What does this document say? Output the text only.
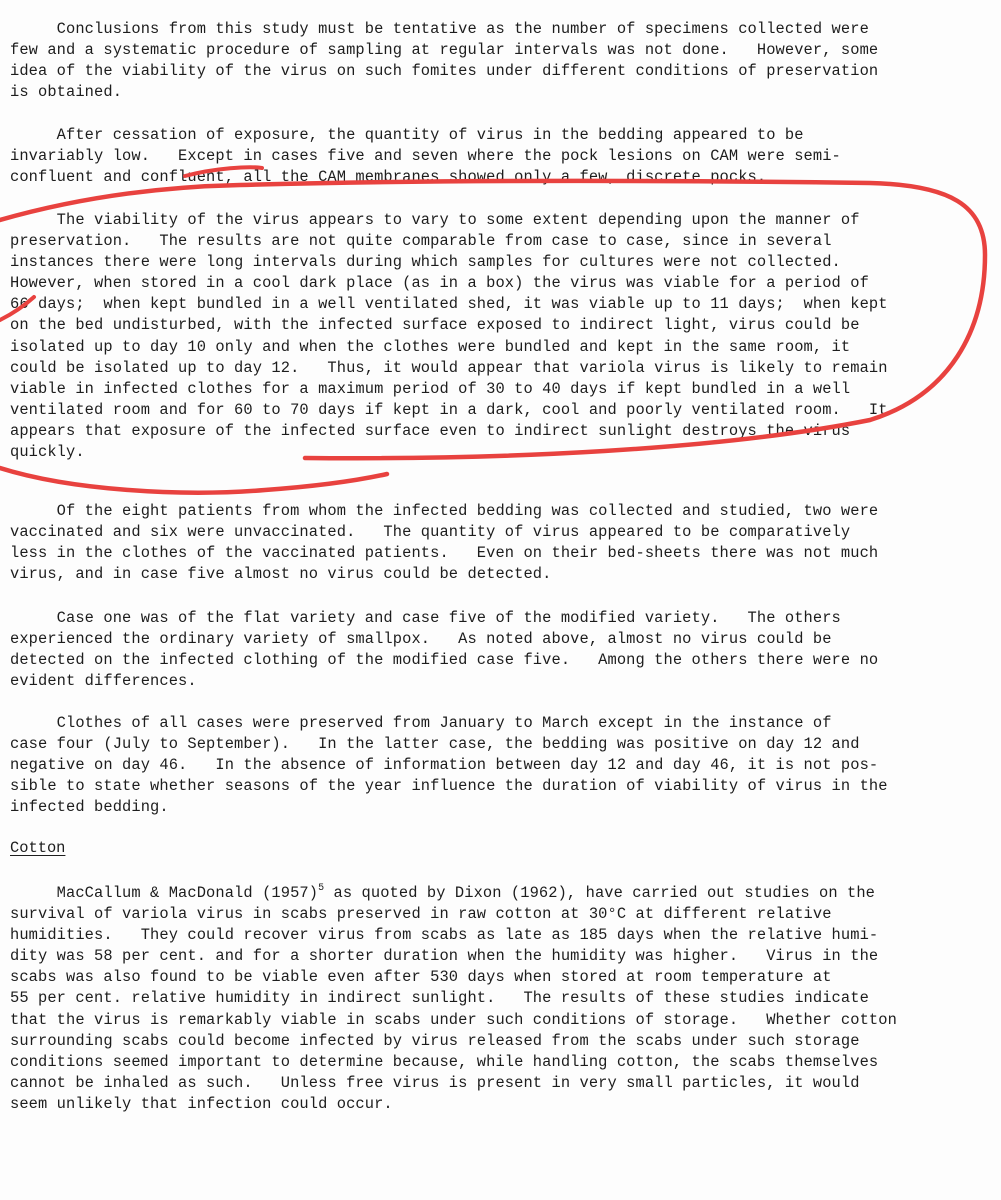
Conclusions from this study must be tentative as the number of specimens collected were
few and a systematic procedure of sampling at regular intervals was not done.   However, some
idea of the viability of the virus on such fomites under different conditions of preservation
is obtained.
After cessation of exposure, the quantity of virus in the bedding appeared to be
invariably low.   Except in cases five and seven where the pock lesions on CAM were semi-
confluent and confluent, all the CAM membranes showed only a few, discrete pocks.
The viability of the virus appears to vary to some extent depending upon the manner of
preservation.   The results are not quite comparable from case to case, since in several
instances there were long intervals during which samples for cultures were not collected.
However, when stored in a cool dark place (as in a box) the virus was viable for a period of
66 days;  when kept bundled in a well ventilated shed, it was viable up to 11 days;  when kept
on the bed undisturbed, with the infected surface exposed to indirect light, virus could be
isolated up to day 10 only and when the clothes were bundled and kept in the same room, it
could be isolated up to day 12.   Thus, it would appear that variola virus is likely to remain
viable in infected clothes for a maximum period of 30 to 40 days if kept bundled in a well
ventilated room and for 60 to 70 days if kept in a dark, cool and poorly ventilated room.   It
appears that exposure of the infected surface even to indirect sunlight destroys the virus
quickly.
Of the eight patients from whom the infected bedding was collected and studied, two were
vaccinated and six were unvaccinated.   The quantity of virus appeared to be comparatively
less in the clothes of the vaccinated patients.   Even on their bed-sheets there was not much
virus, and in case five almost no virus could be detected.
Case one was of the flat variety and case five of the modified variety.   The others
experienced the ordinary variety of smallpox.   As noted above, almost no virus could be
detected on the infected clothing of the modified case five.   Among the others there were no
evident differences.
Clothes of all cases were preserved from January to March except in the instance of
case four (July to September).   In the latter case, the bedding was positive on day 12 and
negative on day 46.   In the absence of information between day 12 and day 46, it is not pos-
sible to state whether seasons of the year influence the duration of viability of virus in the
infected bedding.
Cotton
MacCallum & MacDonald $(1957)^5$ as quoted by Dixon (1962), have carried out studies on the
survival of variola virus in scabs preserved in raw cotton at 30°C at different relative
humidities.   They could recover virus from scabs as late as 185 days when the relative humi-
dity was 58 per cent. and for a shorter duration when the humidity was higher.   Virus in the
scabs was also found to be viable even after 530 days when stored at room temperature at
55 per cent. relative humidity in indirect sunlight.   The results of these studies indicate
that the virus is remarkably viable in scabs under such conditions of storage.   Whether cotton
surrounding scabs could become infected by virus released from the scabs under such storage
conditions seemed important to determine because, while handling cotton, the scabs themselves
cannot be inhaled as such.   Unless free virus is present in very small particles, it would
seem unlikely that infection could occur.
